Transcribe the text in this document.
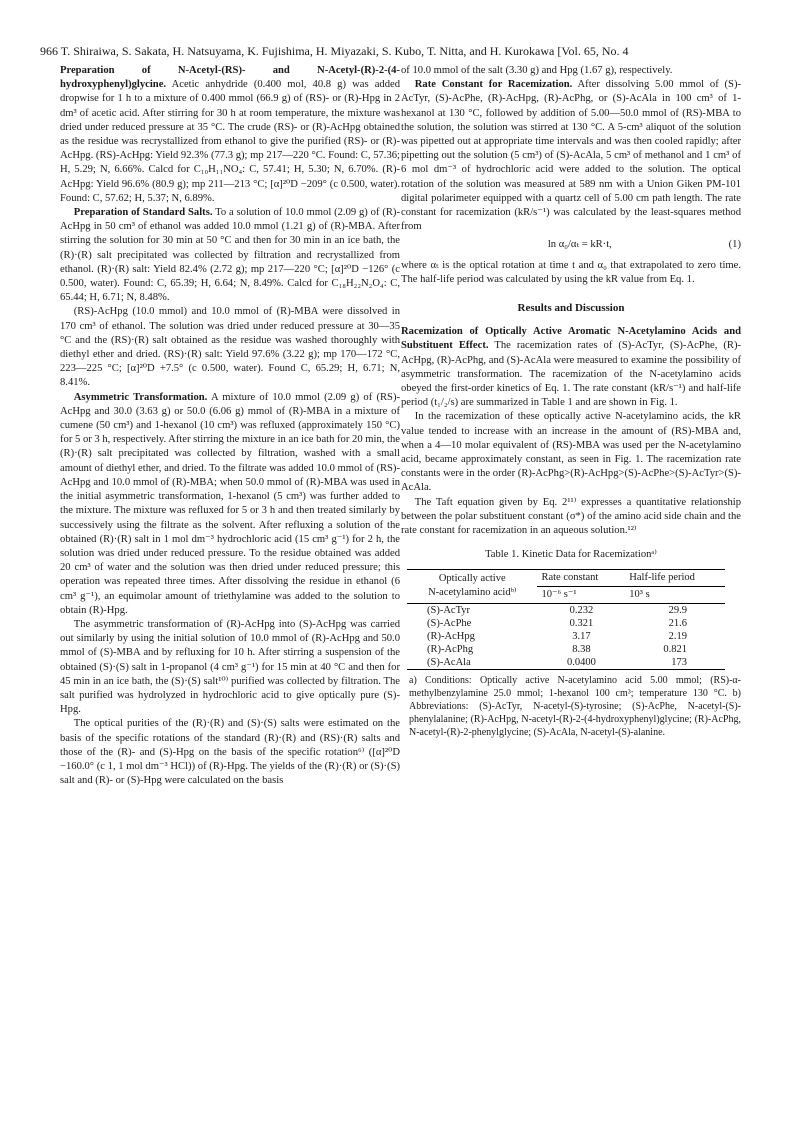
966 T. Shiraiwa, S. Sakata, H. Natsuyama, K. Fujishima, H. Miyazaki, S. Kubo, T. Nitta, and H. Kurokawa [Vol. 65, No. 4

Preparation of N-Acetyl-(RS)- and N-Acetyl-(R)-2-(4-hydroxyphenyl)glycine. Acetic anhydride (0.400 mol, 40.8 g) was added dropwise for 1 h to a mixture of 0.400 mmol (66.9 g) of (RS)- or (R)-Hpg in 2 dm³ of acetic acid. After stirring for 30 h at room temperature, the mixture was dried under reduced pressure at 35 °C. The crude (RS)- or (R)-AcHpg obtained as the residue was recrystallized from ethanol to give the purified (RS)- or (R)-AcHpg. (RS)-AcHpg: Yield 92.3% (77.3 g); mp 217—220 °C. Found: C, 57.36; H, 5.29; N, 6.66%. Calcd for C₁₀H₁₁NO₄: C, 57.41; H, 5.30; N, 6.70%. (R)-AcHpg: Yield 96.6% (80.9 g); mp 211—213 °C; [α]²⁰D −209° (c 0.500, water). Found: C, 57.62; H, 5.37; N, 6.89%.

Preparation of Standard Salts. To a solution of 10.0 mmol (2.09 g) of (R)-AcHpg in 50 cm³ of ethanol was added 10.0 mmol (1.21 g) of (R)-MBA. After stirring the solution for 30 min at 50 °C and then for 30 min in an ice bath, the (R)·(R) salt precipitated was collected by filtration and recrystallized from ethanol. (R)·(R) salt: Yield 82.4% (2.72 g); mp 217—220 °C; [α]²⁰D −126° (c 0.500, water). Found: C, 65.39; H, 6.64; N, 8.49%. Calcd for C₁₈H₂₂N₂O₄: C, 65.44; H, 6.71; N, 8.48%.

(RS)-AcHpg (10.0 mmol) and 10.0 mmol of (R)-MBA were dissolved in 170 cm³ of ethanol. The solution was dried under reduced pressure at 30—35 °C and the (RS)·(R) salt obtained as the residue was washed thoroughly with diethyl ether and dried. (RS)·(R) salt: Yield 97.6% (3.22 g); mp 170—172 °C, 223—225 °C; [α]²⁰D +7.5° (c 0.500, water). Found C, 65.29; H, 6.71; N, 8.41%.

Asymmetric Transformation. A mixture of 10.0 mmol (2.09 g) of (RS)-AcHpg and 30.0 (3.63 g) or 50.0 (6.06 g) mmol of (R)-MBA in a mixture of cumene (50 cm³) and 1-hexanol (10 cm³) was refluxed (approximately 150 °C) for 5 or 3 h, respectively. After stirring the mixture in an ice bath for 20 min, the (R)·(R) salt precipitated was collected by filtration, washed with a small amount of diethyl ether, and dried. To the filtrate was added 10.0 mmol of (RS)-AcHpg and 10.0 mmol of (R)-MBA; when 50.0 mmol of (R)-MBA was used in the initial asymmetric transformation, 1-hexanol (5 cm³) was further added to the mixture. The mixture was refluxed for 5 or 3 h and then treated similarly by successively using the filtrate as the solvent. After refluxing a solution of the obtained (R)·(R) salt in 1 mol dm⁻³ hydrochloric acid (15 cm³ g⁻¹) for 2 h, the solution was dried under reduced pressure. To the residue obtained was added 20 cm³ of water and the solution was then dried under reduced pressure; this operation was repeated three times. After dissolving the residue in ethanol (6 cm³ g⁻¹), an equimolar amount of triethylamine was added to the solution to obtain (R)-Hpg.

The asymmetric transformation of (R)-AcHpg into (S)-AcHpg was carried out similarly by using the initial solution of 10.0 mmol of (R)-AcHpg and 50.0 mmol of (S)-MBA and by refluxing for 10 h. After stirring a suspension of the obtained (S)·(S) salt in 1-propanol (4 cm³ g⁻¹) for 15 min at 40 °C and then for 45 min in an ice bath, the (S)·(S) salt¹⁰⁾ purified was collected by filtration. The salt purified was hydrolyzed in hydrochloric acid to give optically pure (S)-Hpg.

The optical purities of the (R)·(R) and (S)·(S) salts were estimated on the basis of the specific rotations of the standard (R)·(R) and (RS)·(R) salts and those of the (R)- and (S)-Hpg on the basis of the specific rotation⁶⁾ ([α]²⁰D −160.0° (c 1, 1 mol dm⁻³ HCl)) of (R)-Hpg. The yields of the (R)·(R) or (S)·(S) salt and (R)- or (S)-Hpg were calculated on the basis

of 10.0 mmol of the salt (3.30 g) and Hpg (1.67 g), respectively.

Rate Constant for Racemization. After dissolving 5.00 mmol of (S)-AcTyr, (S)-AcPhe, (R)-AcHpg, (R)-AcPhg, or (S)-AcAla in 100 cm³ of 1-hexanol at 130 °C, followed by addition of 5.00—50.0 mmol of (RS)-MBA to the solution, the solution was stirred at 130 °C. A 5-cm³ aliquot of the solution was pipetted out at appropriate time intervals and was then cooled rapidly; after pipetting out the solution (5 cm³) of (S)-AcAla, 5 cm³ of methanol and 1 cm³ of 6 mol dm⁻³ of hydrochloric acid were added to the solution. The optical rotation of the solution was measured at 589 nm with a Union Giken PM-101 digital polarimeter equipped with a quartz cell of 5.00 cm path length. The rate constant for racemization (kR/s⁻¹) was calculated by the least-squares method from

ln α₀/αₜ = kR·t,	(1)

where αₜ is the optical rotation at time t and α₀ that extrapolated to zero time. The half-life period was calculated by using the kR value from Eq. 1.

Results and Discussion

Racemization of Optically Active Aromatic N-Acetylamino Acids and Substituent Effect. The racemization rates of (S)-AcTyr, (S)-AcPhe, (R)-AcHpg, (R)-AcPhg, and (S)-AcAla were measured to examine the possibility of asymmetric transformation. The racemization of the N-acetylamino acids obeyed the first-order kinetics of Eq. 1. The rate constant (kR/s⁻¹) and half-life period (t₁/₂/s) are summarized in Table 1 and are shown in Fig. 1.

In the racemization of these optically active N-acetylamino acids, the kR value tended to increase with an increase in the amount of (RS)-MBA and, when a 4—10 molar equivalent of (RS)-MBA was used per the N-acetylamino acid, became approximately constant, as seen in Fig. 1. The racemization rate constants were in the order (R)-AcPhg>(R)-AcHpg>(S)-AcPhe>(S)-AcTyr>(S)-AcAla.

The Taft equation given by Eq. 2¹¹⁾ expresses a quantitative relationship between the polar substituent constant (σ*) of the amino acid side chain and the rate constant for racemization in an aqueous solution.¹²⁾

Table 1. Kinetic Data for Racemizationᵃ⁾
Optically active
N-acetylamino acidᵇ⁾	Rate constant	Half-life period
	10⁻⁶ s⁻¹	10³ s
(S)-AcTyr	0.232	29.9
(S)-AcPhe	0.321	21.6
(R)-AcHpg	3.17	2.19
(R)-AcPhg	8.38	0.821
(S)-AcAla	0.0400	173
a) Conditions: Optically active N-acetylamino acid 5.00 mmol; (RS)-α-methylbenzylamine 25.0 mmol; 1-hexanol 100 cm³; temperature 130 °C. b) Abbreviations: (S)-AcTyr, N-acetyl-(S)-tyrosine; (S)-AcPhe, N-acetyl-(S)-phenylalanine; (R)-AcHpg, N-acetyl-(R)-2-(4-hydroxyphenyl)glycine; (R)-AcPhg, N-acetyl-(R)-2-phenylglycine; (S)-AcAla, N-acetyl-(S)-alanine.
